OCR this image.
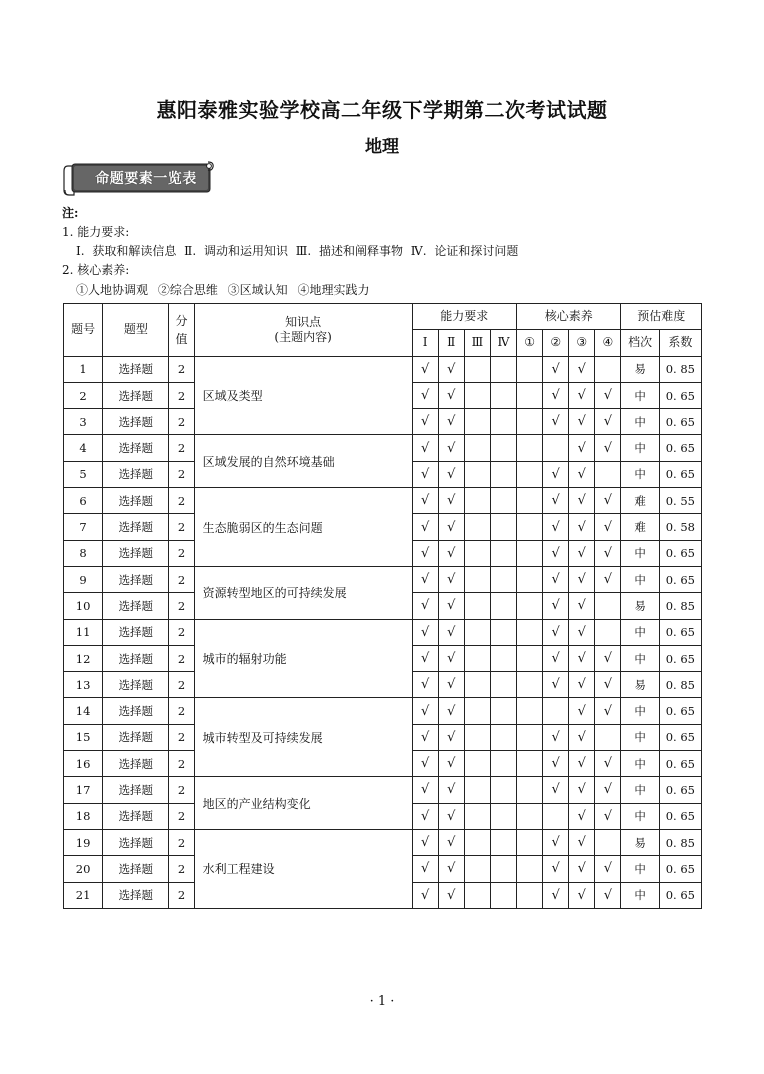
惠阳泰雅实验学校高二年级下学期第二次考试试题
地理
命题要素一览表
注:
1. 能力要求:
Ⅰ. 获取和解读信息 Ⅱ. 调动和运用知识 Ⅲ. 描述和阐释事物 Ⅳ. 论证和探讨问题
2. 核心素养:
①人地协调观 ②综合思维 ③区域认知 ④地理实践力
题号	题型	分值	知识点
(主题内容)	能力要求				核心素养				预估难度	
				Ⅰ	Ⅱ	Ⅲ	Ⅳ	①	②	③	④	档次	系数
1	选择题	2	区域及类型	√	√				√	√		易	0. 85
2	选择题	2		√	√				√	√	√	中	0. 65
3	选择题	2		√	√				√	√	√	中	0. 65
4	选择题	2	区域发展的自然环境基础	√	√					√	√	中	0. 65
5	选择题	2		√	√				√	√		中	0. 65
6	选择题	2	生态脆弱区的生态问题	√	√				√	√	√	难	0. 55
7	选择题	2		√	√				√	√	√	难	0. 58
8	选择题	2		√	√				√	√	√	中	0. 65
9	选择题	2	资源转型地区的可持续发展	√	√				√	√	√	中	0. 65
10	选择题	2		√	√				√	√		易	0. 85
11	选择题	2	城市的辐射功能	√	√				√	√		中	0. 65
12	选择题	2		√	√				√	√	√	中	0. 65
13	选择题	2		√	√				√	√	√	易	0. 85
14	选择题	2	城市转型及可持续发展	√	√					√	√	中	0. 65
15	选择题	2		√	√				√	√		中	0. 65
16	选择题	2		√	√				√	√	√	中	0. 65
17	选择题	2	地区的产业结构变化	√	√				√	√	√	中	0. 65
18	选择题	2		√	√					√	√	中	0. 65
19	选择题	2	水利工程建设	√	√				√	√		易	0. 85
20	选择题	2		√	√				√	√	√	中	0. 65
21	选择题	2		√	√				√	√	√	中	0. 65
· 1 ·
